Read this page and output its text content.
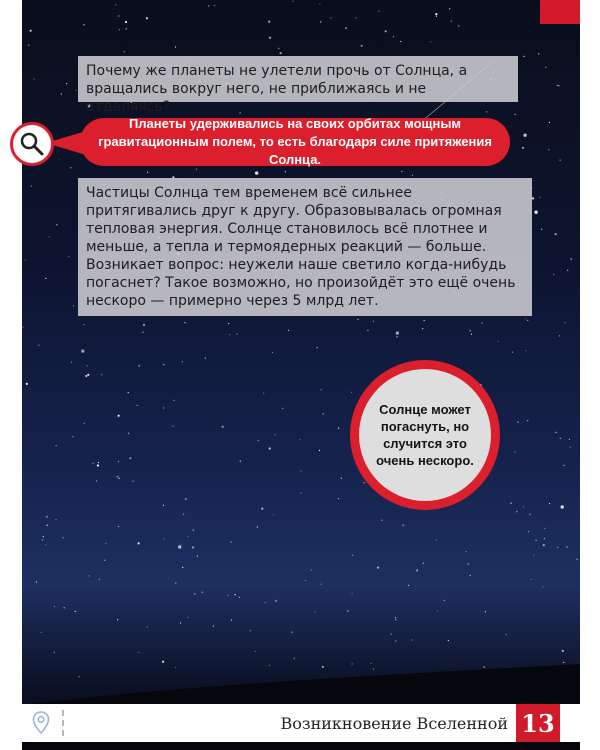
Почему же планеты не улетели прочь от Солнца, а вращались вокруг него, не приближаясь и не отдаляясь?
Планеты удерживались на своих орбитах мощным гравитационным полем, то есть благодаря силе притяжения Солнца.

Частицы Солнца тем временем всё сильнее притягивались друг к другу. Образовывалась огромная тепловая энергия. Солнце становилось всё плотнее и меньше, а тепла и термоядерных реакций — больше.

Возникает вопрос: неужели наше светило когда-нибудь погаснет? Такое возможно, но произойдёт это ещё очень нескоро — примерно через 5 млрд лет.

Солнце может погаснуть, но случится это очень нескоро.
Возникновение Вселенной 13
